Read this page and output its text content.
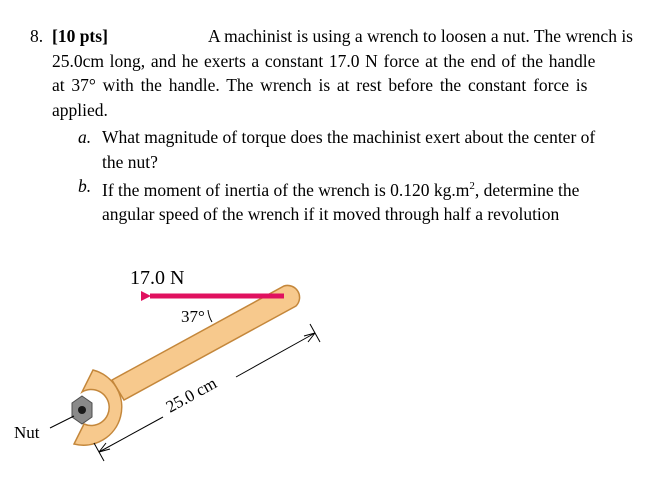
8. [10 pts]	A machinist is using a wrench to loosen a nut. The wrench is
25.0cm long, and he exerts a constant 17.0 N force at the end of the handle
at 37° with the handle. The wrench is at rest before the constant force is
applied.
a. What magnitude of torque does the machinist exert about the center of
the nut?
b. If the moment of inertia of the wrench is 0.120 $kg.m^2$, determine the
angular speed of the wrench if it moved through half a revolution
17.0 N
37°
25.0 cm
Nut
